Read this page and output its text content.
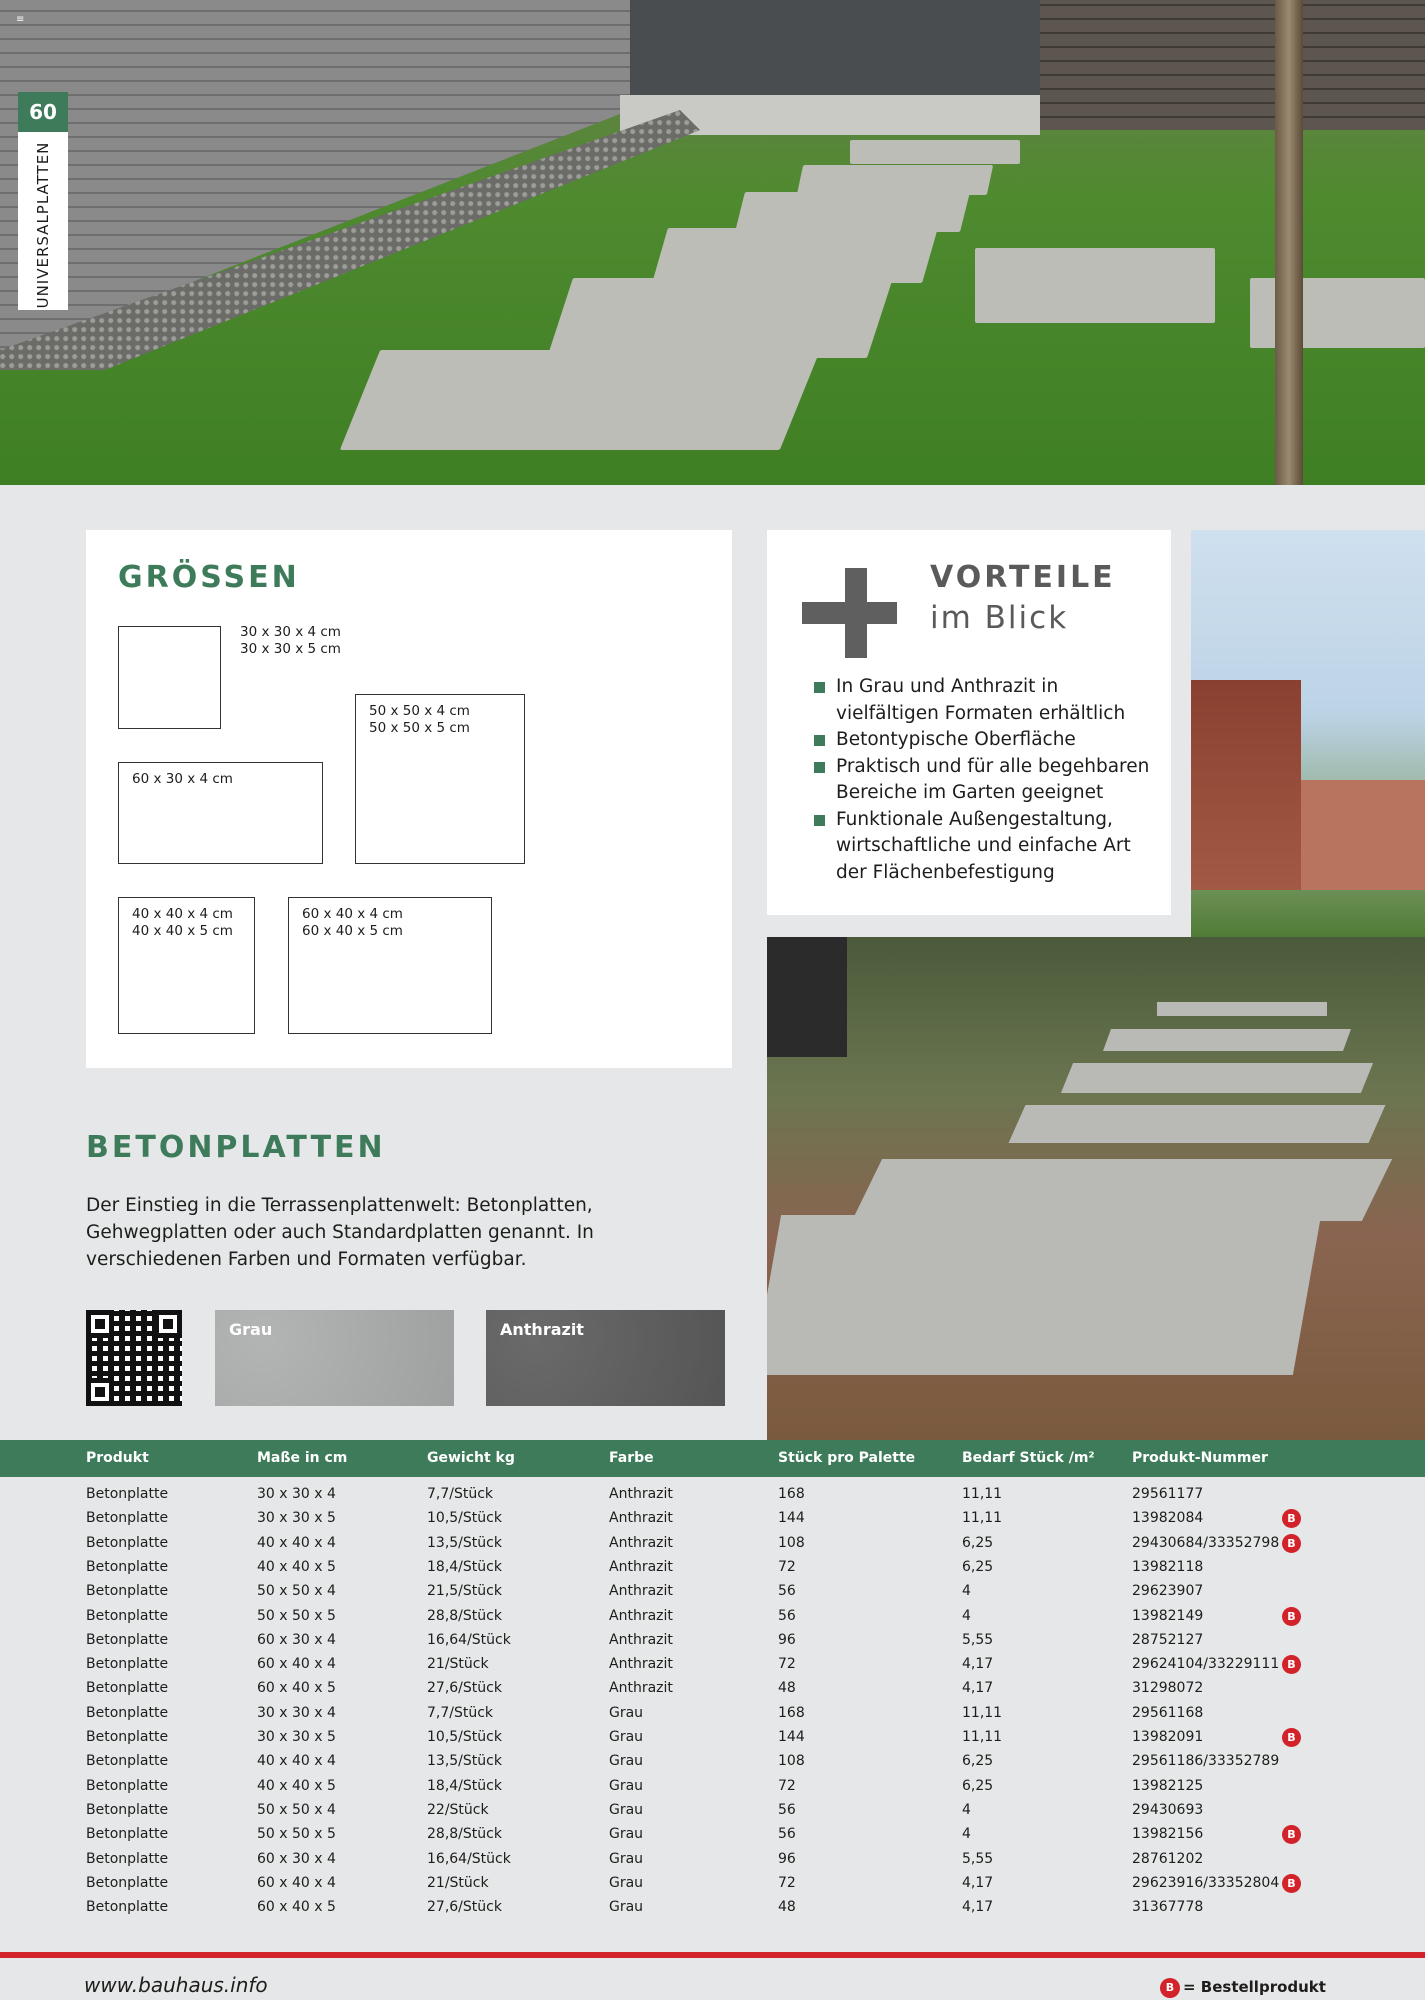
≡
60
UNIVERSALPLATTEN
GRÖSSEN
30 x 30 x 4 cm
30 x 30 x 5 cm
50 x 50 x 4 cm
50 x 50 x 5 cm
60 x 30 x 4 cm
40 x 40 x 4 cm
40 x 40 x 5 cm
60 x 40 x 4 cm
60 x 40 x 5 cm
VORTEILE
im Blick
In Grau und Anthrazit in vielfältigen Formaten erhältlich
Betontypische Oberfläche
Praktisch und für alle begehbaren Bereiche im Garten geeignet
Funktionale Außengestaltung, wirtschaftliche und einfache Art der Flächenbefestigung
BETONPLATTEN
Der Einstieg in die Terrassenplattenwelt: Betonplatten, Gehwegplatten oder auch Standardplatten genannt. In verschiedenen Farben und Formaten verfügbar.
Grau	Anthrazit
Produkt	Maße in cm	Gewicht kg	Farbe	Stück pro Palette	Bedarf Stück /m²	Produkt-Nummer
Betonplatte	30 x 30 x 4	7,7/Stück	Anthrazit	168	11,11	29561177
Betonplatte	30 x 30 x 5	10,5/Stück	Anthrazit	144	11,11	13982084	B
Betonplatte	40 x 40 x 4	13,5/Stück	Anthrazit	108	6,25	29430684/33352798 B
Betonplatte	40 x 40 x 5	18,4/Stück	Anthrazit	72	6,25	13982118
Betonplatte	50 x 50 x 4	21,5/Stück	Anthrazit	56	4	29623907
Betonplatte	50 x 50 x 5	28,8/Stück	Anthrazit	56	4	13982149	B
Betonplatte	60 x 30 x 4	16,64/Stück	Anthrazit	96	5,55	28752127
Betonplatte	60 x 40 x 4	21/Stück	Anthrazit	72	4,17	29624104/33229111 B
Betonplatte	60 x 40 x 5	27,6/Stück	Anthrazit	48	4,17	31298072
Betonplatte	30 x 30 x 4	7,7/Stück	Grau	168	11,11	29561168
Betonplatte	30 x 30 x 5	10,5/Stück	Grau	144	11,11	13982091	B
Betonplatte	40 x 40 x 4	13,5/Stück	Grau	108	6,25	29561186/33352789
Betonplatte	40 x 40 x 5	18,4/Stück	Grau	72	6,25	13982125
Betonplatte	50 x 50 x 4	22/Stück	Grau	56	4	29430693
Betonplatte	50 x 50 x 5	28,8/Stück	Grau	56	4	13982156	B
Betonplatte	60 x 30 x 4	16,64/Stück	Grau	96	5,55	28761202
Betonplatte	60 x 40 x 4	21/Stück	Grau	72	4,17	29623916/33352804 B
Betonplatte	60 x 40 x 5	27,6/Stück	Grau	48	4,17	31367778
www.bauhaus.info	B = Bestellprodukt
